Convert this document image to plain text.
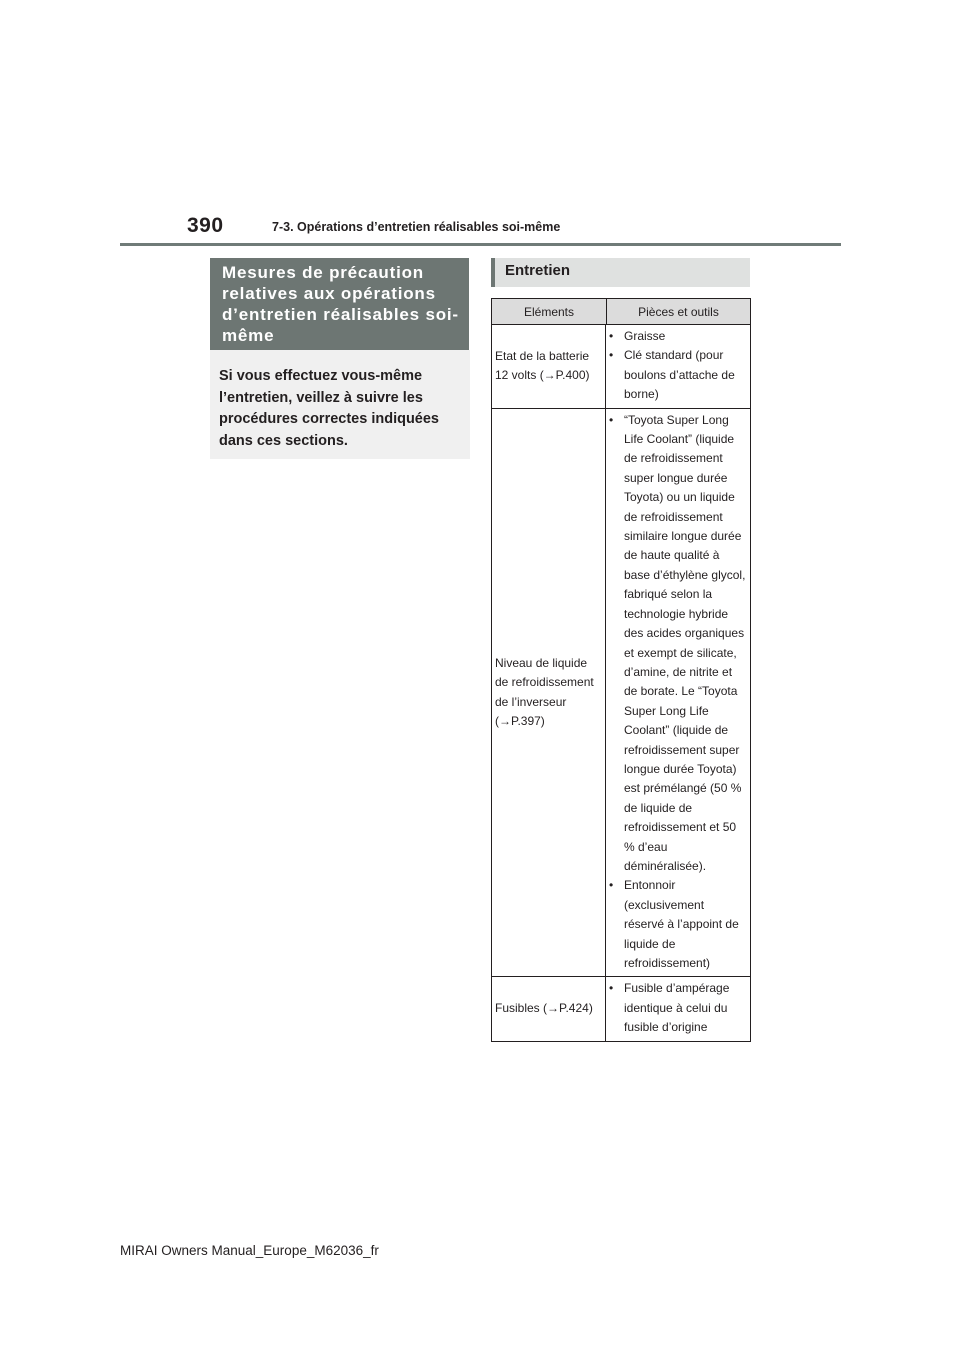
390	7-3. Opérations d’entretien réalisables soi-même
Mesures de précaution relatives aux opérations d’entretien réalisables soi-même

Si vous effectuez vous-même l’entretien, veillez à suivre les procédures correctes indiquées dans ces sections.

Entretien
Eléments	Pièces et outils
Etat de la batterie 12 volts (→P.400)
• Graisse
• Clé standard (pour boulons d’attache de borne)
Niveau de liquide de refroidissement de l’inverseur (→P.397)
• “Toyota Super Long Life Coolant” (liquide de refroidissement super longue durée Toyota) ou un liquide de refroidissement similaire longue durée de haute qualité à base d’éthylène glycol, fabriqué selon la technologie hybride des acides organiques et exempt de silicate, d’amine, de nitrite et de borate. Le “Toyota Super Long Life Coolant” (liquide de refroidissement super longue durée Toyota) est prémélangé (50 % de liquide de refroidissement et 50 % d’eau déminéralisée).
• Entonnoir (exclusivement réservé à l’appoint de liquide de refroidissement)
Fusibles (→P.424)
• Fusible d’ampérage identique à celui du fusible d’origine
MIRAI Owners Manual_Europe_M62036_fr
